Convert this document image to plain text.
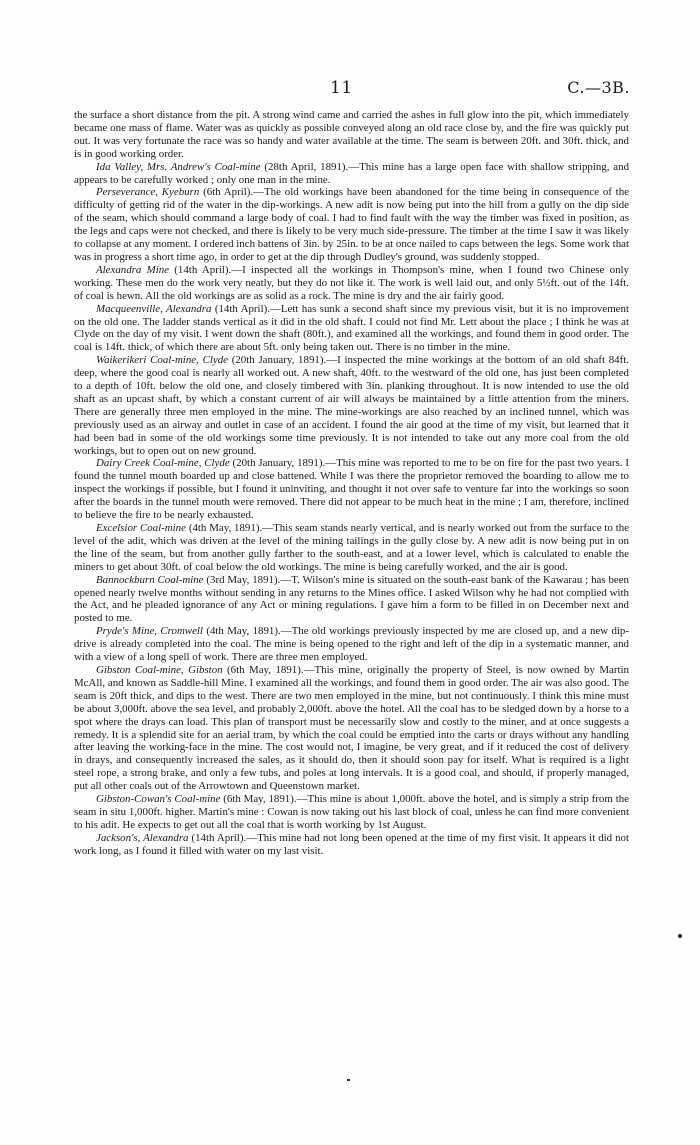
11	C.—3B.

the surface a short distance from the pit. A strong wind came and carried the ashes in full glow into the pit, which immediately became one mass of flame. Water was as quickly as possible conveyed along an old race close by, and the fire was quickly put out. It was very fortunate the race was so handy and water available at the time. The seam is between 20ft. and 30ft. thick, and is in good working order.

Ida Valley, Mrs. Andrew's Coal-mine (28th April, 1891).—This mine has a large open face with shallow stripping, and appears to be carefully worked ; only one man in the mine.

Perseverance, Kyeburn (6th April).—The old workings have been abandoned for the time being in consequence of the difficulty of getting rid of the water in the dip-workings. A new adit is now being put into the hill from a gully on the dip side of the seam, which should command a large body of coal. I had to find fault with the way the timber was fixed in position, as the legs and caps were not checked, and there is likely to be very much side-pressure. The timber at the time I saw it was likely to collapse at any moment. I ordered inch battens of 3in. by 25in. to be at once nailed to caps between the legs. Some work that was in progress a short time ago, in order to get at the dip through Dudley's ground, was suddenly stopped.

Alexandra Mine (14th April).—I inspected all the workings in Thompson's mine, when I found two Chinese only working. These men do the work very neatly, but they do not like it. The work is well laid out, and only 5½ft. out of the 14ft. of coal is hewn. All the old workings are as solid as a rock. The mine is dry and the air fairly good.

Macqueenville, Alexandra (14th April).—Lett has sunk a second shaft since my previous visit, but it is no improvement on the old one. The ladder stands vertical as it did in the old shaft. I could not find Mr. Lett about the place ; I think he was at Clyde on the day of my visit. I went down the shaft (80ft.), and examined all the workings, and found them in good order. The coal is 14ft. thick, of which there are about 5ft. only being taken out. There is no timber in the mine.

Waikerikeri Coal-mine, Clyde (20th January, 1891).—I inspected the mine workings at the bottom of an old shaft 84ft. deep, where the good coal is nearly all worked out. A new shaft, 40ft. to the westward of the old one, has just been completed to a depth of 10ft. below the old one, and closely timbered with 3in. planking throughout. It is now intended to use the old shaft as an upcast shaft, by which a constant current of air will always be maintained by a little attention from the miners. There are generally three men employed in the mine. The mine-workings are also reached by an inclined tunnel, which was previously used as an airway and outlet in case of an accident. I found the air good at the time of my visit, but learned that it had been bad in some of the old workings some time previously. It is not intended to take out any more coal from the old workings, but to open out on new ground.

Dairy Creek Coal-mine, Clyde (20th January, 1891).—This mine was reported to me to be on fire for the past two years. I found the tunnel mouth boarded up and close battened. While I was there the proprietor removed the boarding to allow me to inspect the workings if possible, but I found it uninviting, and thought it not over safe to venture far into the workings so soon after the boards in the tunnel mouth were removed. There did not appear to be much heat in the mine ; I am, therefore, inclined to believe the fire to be nearly exhausted.

Excelsior Coal-mine (4th May, 1891).—This seam stands nearly vertical, and is nearly worked out from the surface to the level of the adit, which was driven at the level of the mining tailings in the gully close by. A new adit is now being put in on the line of the seam, but from another gully farther to the south-east, and at a lower level, which is calculated to enable the miners to get about 30ft. of coal below the old workings. The mine is being carefully worked, and the air is good.

Bannockburn Coal-mine (3rd May, 1891).—T. Wilson's mine is situated on the south-east bank of the Kawarau ; has been opened nearly twelve months without sending in any returns to the Mines office. I asked Wilson why he had not complied with the Act, and he pleaded ignorance of any Act or mining regulations. I gave him a form to be filled in on December next and posted to me.

Pryde's Mine, Cromwell (4th May, 1891).—The old workings previously inspected by me are closed up, and a new dip-drive is already completed into the coal. The mine is being opened to the right and left of the dip in a systematic manner, and with a view of a long spell of work. There are three men employed.

Gibston Coal-mine, Gibston (6th May, 1891).—This mine, originally the property of Steel, is now owned by Martin McAll, and known as Saddle-hill Mine. I examined all the workings, and found them in good order. The air was also good. The seam is 20ft thick, and dips to the west. There are two men employed in the mine, but not continuously. I think this mine must be about 3,000ft. above the sea level, and probably 2,000ft. above the hotel. All the coal has to be sledged down by a horse to a spot where the drays can load. This plan of transport must be necessarily slow and costly to the miner, and at once suggests a remedy. It is a splendid site for an aerial tram, by which the coal could be emptied into the carts or drays without any handling after leaving the working-face in the mine. The cost would not, I imagine, be very great, and if it reduced the cost of delivery in drays, and consequently increased the sales, as it should do, then it should soon pay for itself. What is required is a light steel rope, a strong brake, and only a few tubs, and poles at long intervals. It is a good coal, and should, if properly managed, put all other coals out of the Arrowtown and Queenstown market.

Gibston-Cowan's Coal-mine (6th May, 1891).—This mine is about 1,000ft. above the hotel, and is simply a strip from the seam in situ 1,000ft. higher. Martin's mine : Cowan is now taking out his last block of coal, unless he can find more convenient to his adit. He expects to get out all the coal that is worth working by 1st August.

Jackson's, Alexandra (14th April).—This mine had not long been opened at the time of my first visit. It appears it did not work long, as I found it filled with water on my last visit.
